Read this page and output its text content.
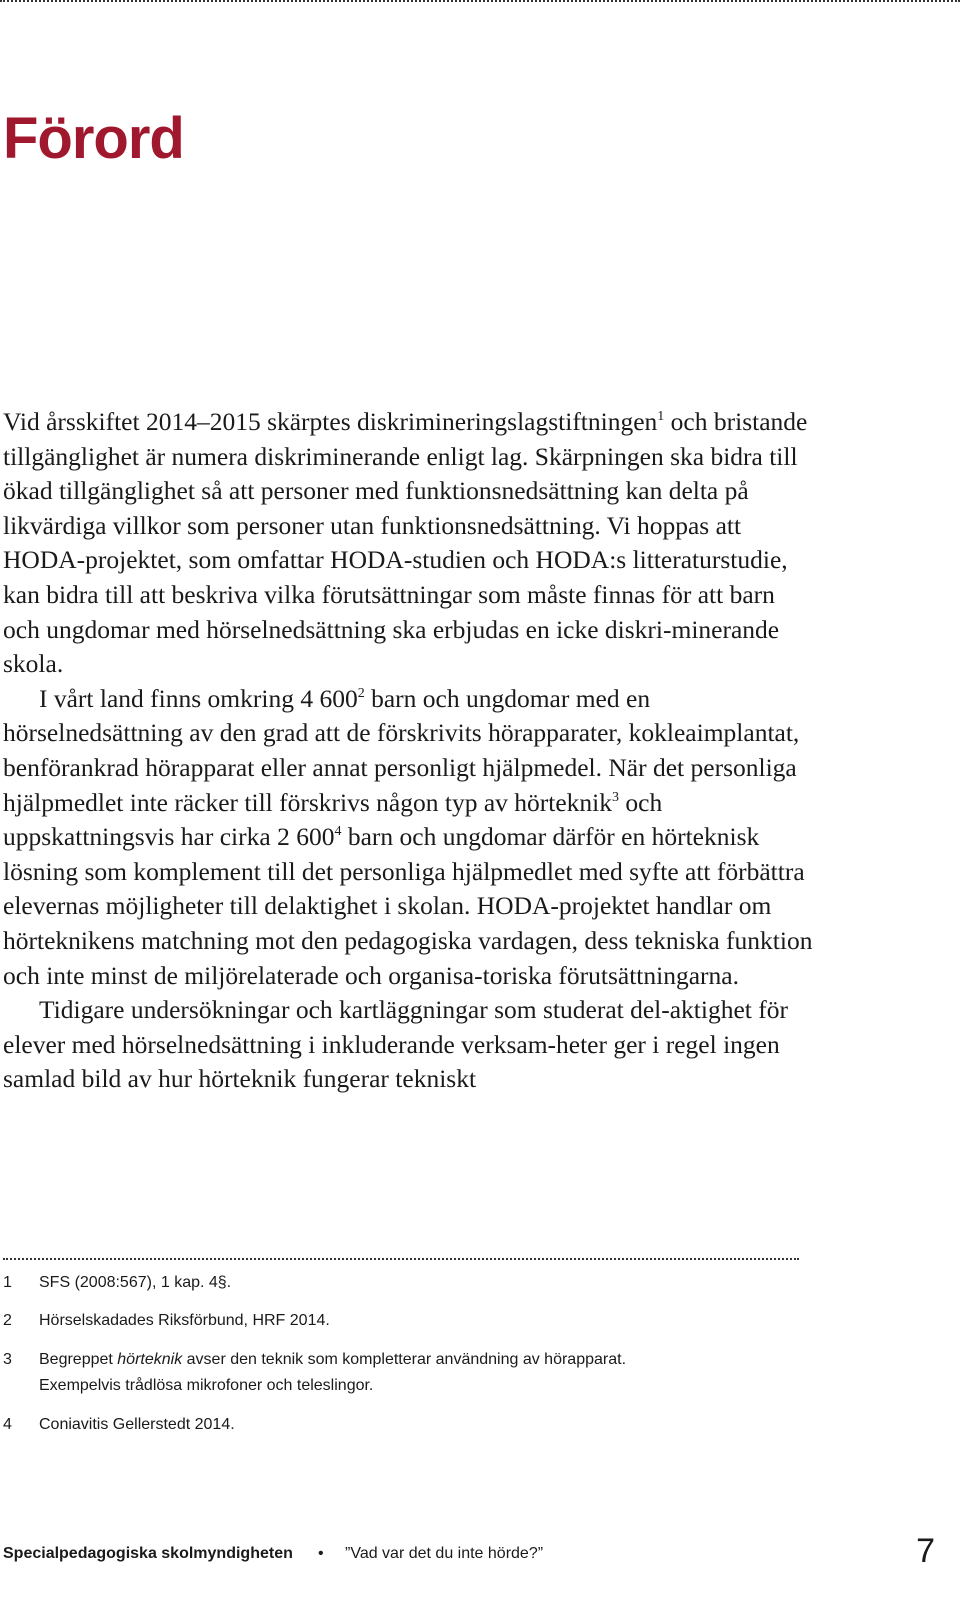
Förord

Vid årsskiftet 2014–2015 skärptes diskrimineringslagstiftningen$^1$ och bristande tillgänglighet är numera diskriminerande enligt lag. Skärpningen ska bidra till ökad tillgänglighet så att personer med funktionsnedsättning kan delta på likvärdiga villkor som personer utan funktionsnedsättning. Vi hoppas att HODA-projektet, som omfattar HODA-studien och HODA:s litteraturstudie, kan bidra till att beskriva vilka förutsättningar som måste finnas för att barn och ungdomar med hörselnedsättning ska erbjudas en icke diskri-minerande skola.

I vårt land finns omkring 4 $600^2$ barn och ungdomar med en hörselnedsättning av den grad att de förskrivits hörapparater, kokleaimplantat, benförankrad hörapparat eller annat personligt hjälpmedel. När det personliga hjälpmedlet inte räcker till förskrivs någon typ av hörteknik$^3$ och uppskattningsvis har cirka 2 $600^4$ barn och ungdomar därför en hörteknisk lösning som komplement till det personliga hjälpmedlet med syfte att förbättra elevernas möjligheter till delaktighet i skolan. HODA-projektet handlar om hörteknikens matchning mot den pedagogiska vardagen, dess tekniska funktion och inte minst de miljörelaterade och organisa-toriska förutsättningarna.

Tidigare undersökningar och kartläggningar som studerat del-aktighet för elever med hörselnedsättning i inkluderande verksam-heter ger i regel ingen samlad bild av hur hörteknik fungerar tekniskt

1 SFS (2008:567), 1 kap. 4§.
2 Hörselskadades Riksförbund, HRF 2014.
3 Begreppet hörteknik avser den teknik som kompletterar användning av hörapparat.
Exempelvis trådlösa mikrofoner och teleslingor.
4 Coniavitis Gellerstedt 2014.
Specialpedagogiska skolmyndigheten • ”Vad var det du inte hörde?”	7
